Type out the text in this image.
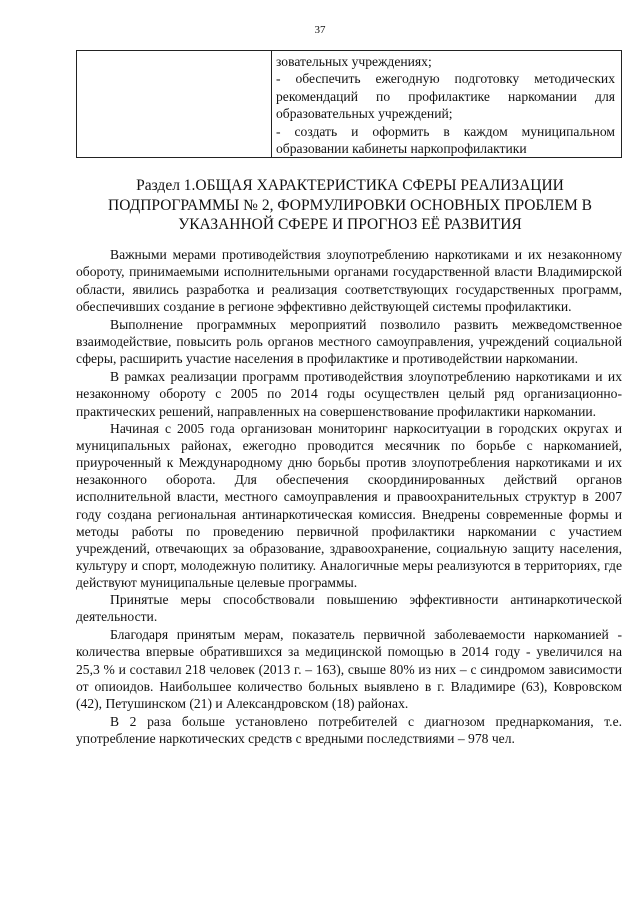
37

зовательных учреждениях;

- обеспечить ежегодную подготовку методических рекомендаций по профилактике наркомании для образовательных учреждений;

- создать и оформить в каждом муниципальном образовании кабинеты наркопрофилактики

Раздел 1.ОБЩАЯ ХАРАКТЕРИСТИКА СФЕРЫ РЕАЛИЗАЦИИ ПОДПРОГРАММЫ № 2, ФОРМУЛИРОВКИ ОСНОВНЫХ ПРОБЛЕМ В УКАЗАННОЙ СФЕРЕ И ПРОГНОЗ ЕЁ РАЗВИТИЯ

Важными мерами противодействия злоупотреблению наркотиками и их незаконному обороту, принимаемыми исполнительными органами государственной власти Владимирской области, явились разработка и реализация соответствующих государственных программ, обеспечивших создание в регионе эффективно действующей системы профилактики.

Выполнение программных мероприятий позволило развить межведомственное взаимодействие, повысить роль органов местного самоуправления, учреждений социальной сферы, расширить участие населения в профилактике и противодействии наркомании.

В рамках реализации программ противодействия злоупотреблению наркотиками и их незаконному обороту с 2005 по 2014 годы осуществлен целый ряд организационно-практических решений, направленных на совершенствование профилактики наркомании.

Начиная с 2005 года организован мониторинг наркоситуации в городских округах и муниципальных районах, ежегодно проводится месячник по борьбе с наркоманией, приуроченный к Международному дню борьбы против злоупотребления наркотиками и их незаконного оборота. Для обеспечения скоординированных действий органов исполнительной власти, местного самоуправления и правоохранительных структур в 2007 году создана региональная антинаркотическая комиссия. Внедрены современные формы и методы работы по проведению первичной профилактики наркомании с участием учреждений, отвечающих за образование, здравоохранение, социальную защиту населения, культуру и спорт, молодежную политику. Аналогичные меры реализуются в территориях, где действуют муниципальные целевые программы.

Принятые меры способствовали повышению эффективности антинаркотической деятельности.

Благодаря принятым мерам, показатель первичной заболеваемости наркоманией - количества впервые обратившихся за медицинской помощью в 2014 году - увеличился на 25,3 % и составил 218 человек (2013 г. – 163), свыше 80% из них – с синдромом зависимости от опиоидов. Наибольшее количество больных выявлено в г. Владимире (63), Ковровском (42), Петушинском (21) и Александровском (18) районах.

В 2 раза больше установлено потребителей с диагнозом преднаркомания, т.е. употребление наркотических средств с вредными последствиями – 978 чел.
